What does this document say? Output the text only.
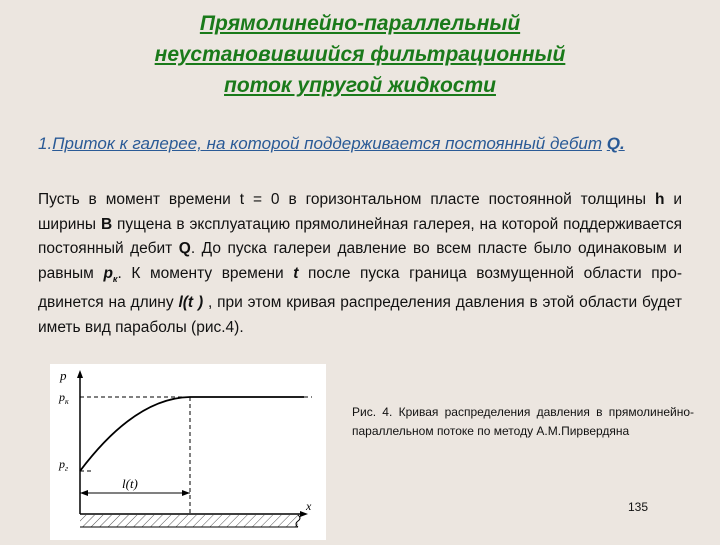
Прямолинейно-параллельный
неустановившийся фильтрационный
поток упругой жидкости
1.Приток к галерее, на которой поддерживается постоянный дебит Q.
Пусть в момент времени t = 0 в горизонтальном пласте постоянной толщины h и ширины B пущена в эксплуатацию прямолинейная галерея, на которой поддерживается постоянный дебит Q. До пуска галереи давление во всем пласте было одинаковым и равным $p_к$. К моменту времени t после пуска граница возмущенной области про-двинется на длину l(t ) , при этом кривая распределения давления в этой области будет иметь вид параболы (рис.4).
p
$p_к$
$p_г$
l(t)
x
Рис. 4. Кривая распределения давления в прямолинейно-параллельном потоке по методу А.М.Пирвердяна
135
